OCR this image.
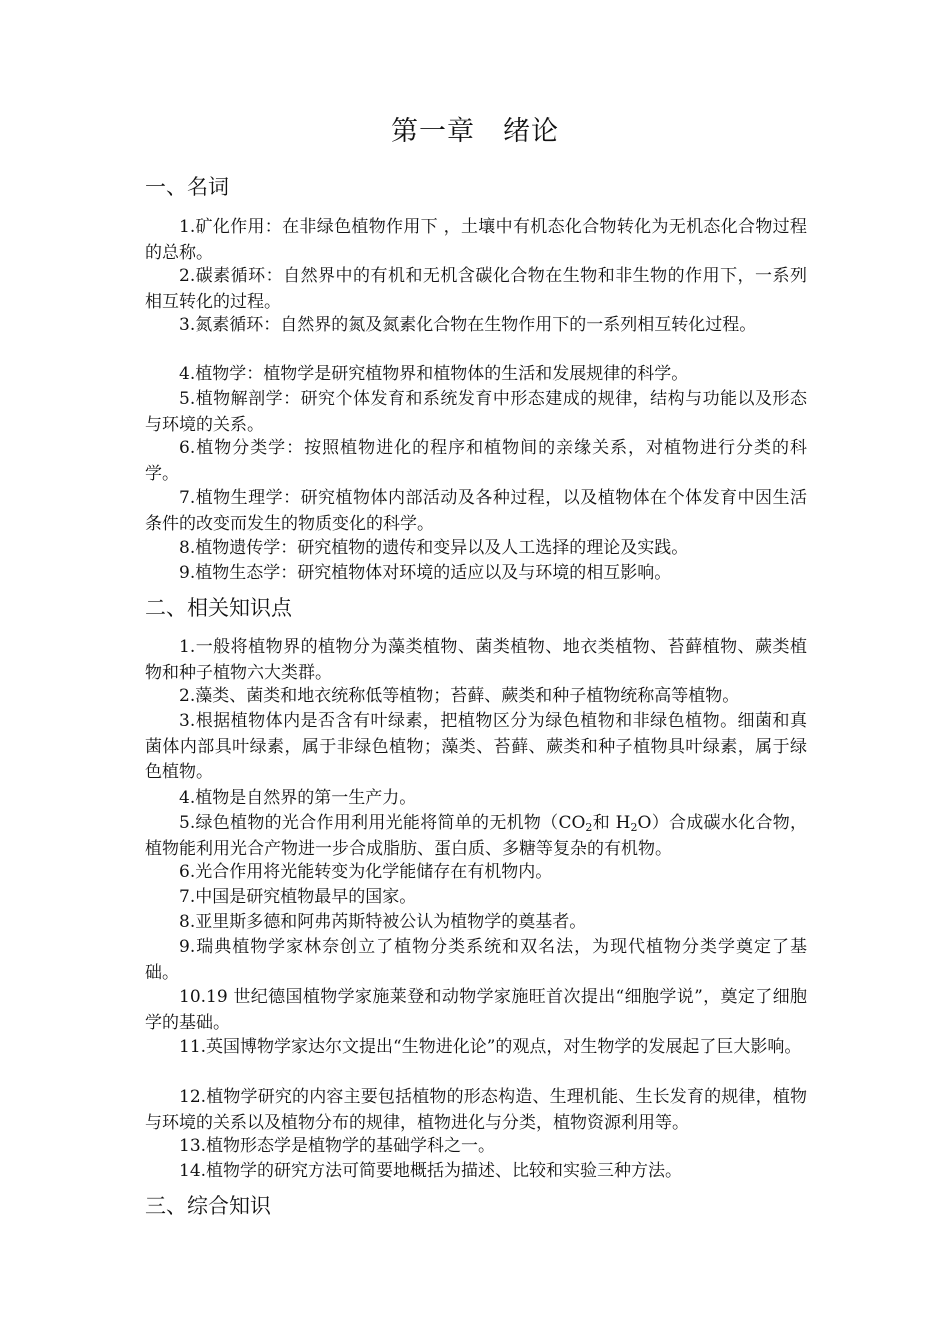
第一章　绪论
一、名词

1.矿化作用：在非绿色植物作用下 ，土壤中有机态化合物转化为无机态化合物过程的总称。

2.碳素循环：自然界中的有机和无机含碳化合物在生物和非生物的作用下，一系列相互转化的过程。

3.氮素循环：自然界的氮及氮素化合物在生物作用下的一系列相互转化过程。

4.植物学：植物学是研究植物界和植物体的生活和发展规律的科学。

5.植物解剖学：研究个体发育和系统发育中形态建成的规律，结构与功能以及形态与环境的关系。

6.植物分类学：按照植物进化的程序和植物间的亲缘关系，对植物进行分类的科学。

7.植物生理学：研究植物体内部活动及各种过程，以及植物体在个体发育中因生活条件的改变而发生的物质变化的科学。

8.植物遗传学：研究植物的遗传和变异以及人工选择的理论及实践。

9.植物生态学：研究植物体对环境的适应以及与环境的相互影响。

二、相关知识点

1.一般将植物界的植物分为藻类植物、菌类植物、地衣类植物、苔藓植物、蕨类植物和种子植物六大类群。

2.藻类、菌类和地衣统称低等植物；苔藓、蕨类和种子植物统称高等植物。

3.根据植物体内是否含有叶绿素，把植物区分为绿色植物和非绿色植物。细菌和真菌体内部具叶绿素，属于非绿色植物；藻类、苔藓、蕨类和种子植物具叶绿素，属于绿色植物。

4.植物是自然界的第一生产力。

5.绿色植物的光合作用利用光能将简单的无机物（$CO_2$和 $H_2O$）合成碳水化合物，植物能利用光合产物进一步合成脂肪、蛋白质、多糖等复杂的有机物。

6.光合作用将光能转变为化学能储存在有机物内。

7.中国是研究植物最早的国家。

8.亚里斯多德和阿弗芮斯特被公认为植物学的奠基者。

9.瑞典植物学家林奈创立了植物分类系统和双名法，为现代植物分类学奠定了基础。

10.19 世纪德国植物学家施莱登和动物学家施旺首次提出“细胞学说”，奠定了细胞学的基础。

11.英国博物学家达尔文提出“生物进化论”的观点，对生物学的发展起了巨大影响。

12.植物学研究的内容主要包括植物的形态构造、生理机能、生长发育的规律，植物与环境的关系以及植物分布的规律，植物进化与分类，植物资源利用等。

13.植物形态学是植物学的基础学科之一。

14.植物学的研究方法可简要地概括为描述、比较和实验三种方法。

三、综合知识
